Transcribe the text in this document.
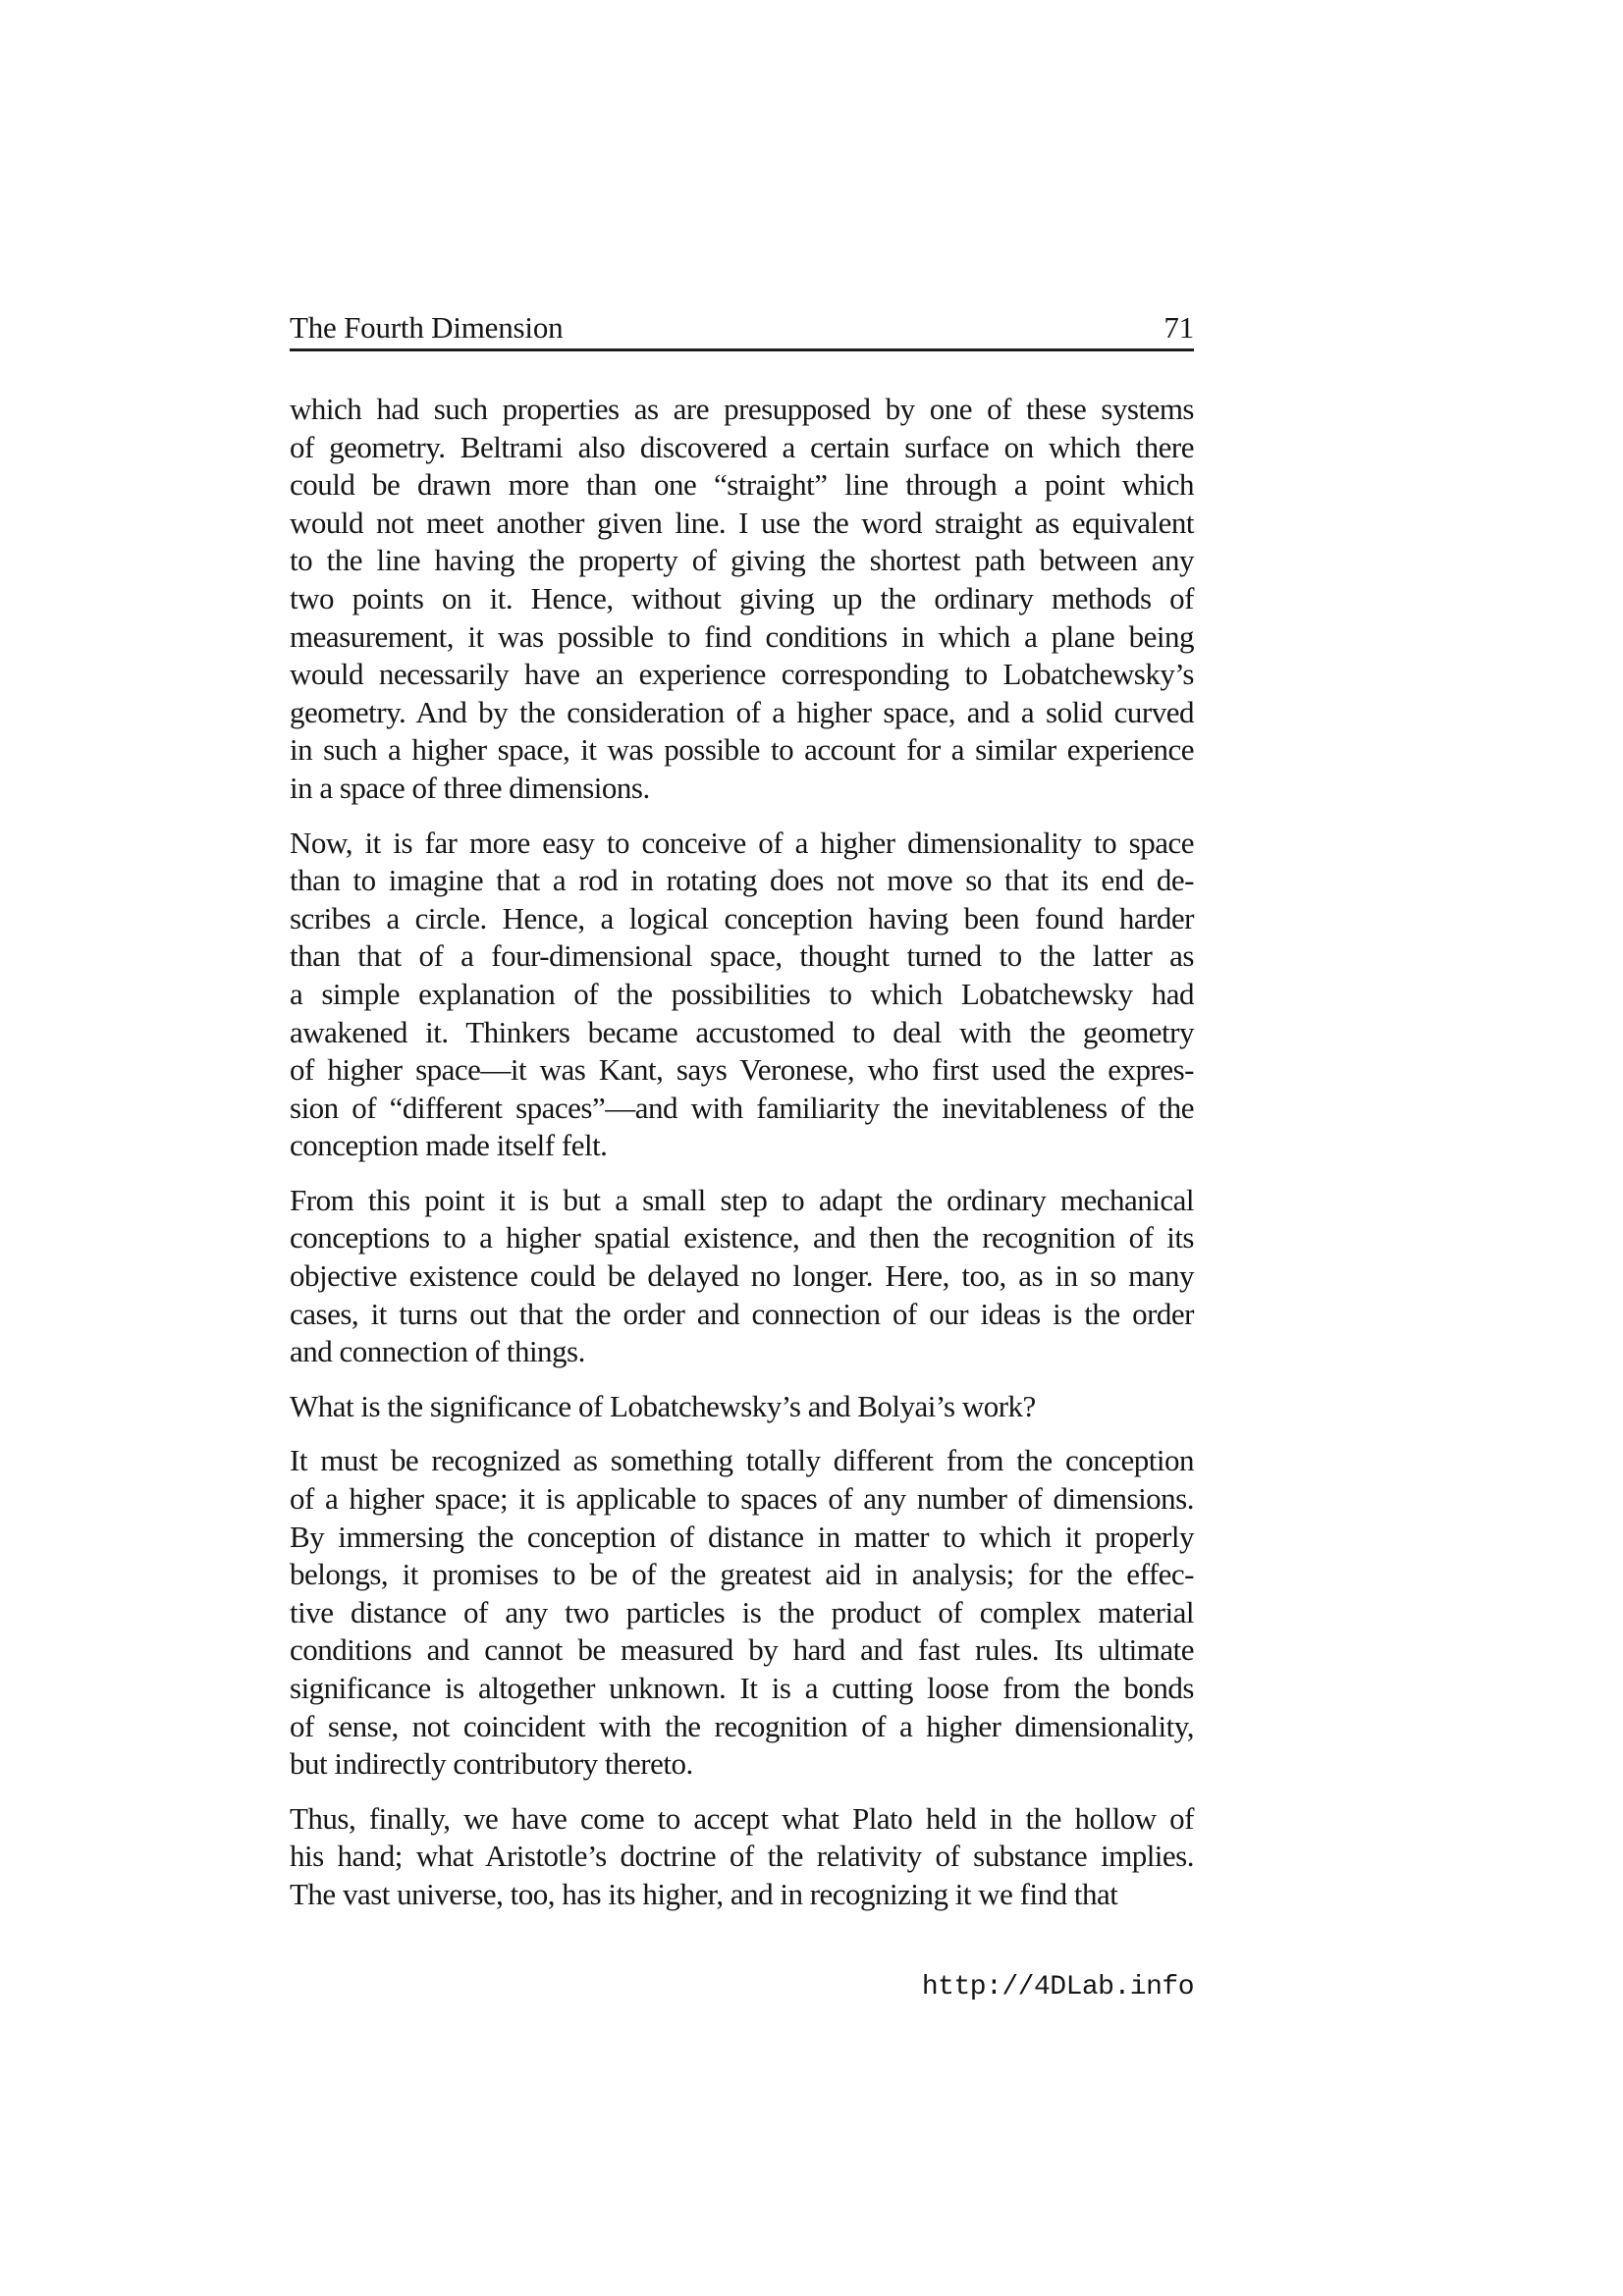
The Fourth Dimension	71
which had such properties as are presupposed by one of these systems
of geometry. Beltrami also discovered a certain surface on which there
could be drawn more than one “straight” line through a point which
would not meet another given line. I use the word straight as equivalent
to the line having the property of giving the shortest path between any
two points on it. Hence, without giving up the ordinary methods of
measurement, it was possible to find conditions in which a plane being
would necessarily have an experience corresponding to Lobatchewsky’s
geometry. And by the consideration of a higher space, and a solid curved
in such a higher space, it was possible to account for a similar experience
in a space of three dimensions.
Now, it is far more easy to conceive of a higher dimensionality to space
than to imagine that a rod in rotating does not move so that its end de-
scribes a circle. Hence, a logical conception having been found harder
than that of a four-dimensional space, thought turned to the latter as
a simple explanation of the possibilities to which Lobatchewsky had
awakened it. Thinkers became accustomed to deal with the geometry
of higher space—it was Kant, says Veronese, who first used the expres-
sion of “different spaces”—and with familiarity the inevitableness of the
conception made itself felt.
From this point it is but a small step to adapt the ordinary mechanical
conceptions to a higher spatial existence, and then the recognition of its
objective existence could be delayed no longer. Here, too, as in so many
cases, it turns out that the order and connection of our ideas is the order
and connection of things.
What is the significance of Lobatchewsky’s and Bolyai’s work?
It must be recognized as something totally different from the conception
of a higher space; it is applicable to spaces of any number of dimensions.
By immersing the conception of distance in matter to which it properly
belongs, it promises to be of the greatest aid in analysis; for the effec-
tive distance of any two particles is the product of complex material
conditions and cannot be measured by hard and fast rules. Its ultimate
significance is altogether unknown. It is a cutting loose from the bonds
of sense, not coincident with the recognition of a higher dimensionality,
but indirectly contributory thereto.
Thus, finally, we have come to accept what Plato held in the hollow of
his hand; what Aristotle’s doctrine of the relativity of substance implies.
The vast universe, too, has its higher, and in recognizing it we find that
http://4DLab.info
